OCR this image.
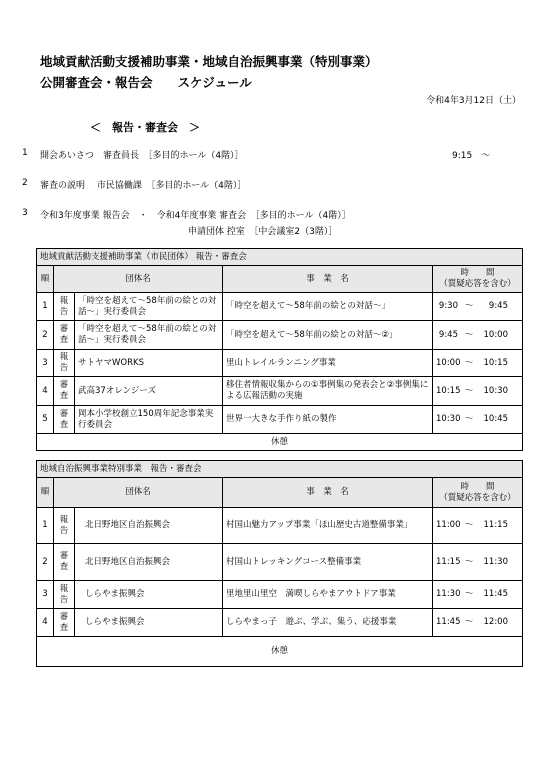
地域貢献活動支援補助事業・地域自治振興事業（特別事業）
公開審査会・報告会　　スケジュール
令和4年3月12日（土）
＜　報告・審査会　＞
1 開会あいさつ　審査員長　［多目的ホール（4階）］	9:15　～
2 審査の説明　 市民協働課　［多目的ホール（4階）］
3 令和3年度事業 報告会　・　令和4年度事業 審査会　［多目的ホール（4階）］
申請団体 控室　［中会議室2（3階）］
地域貢献活動支援補助事業（市民団体） 報告・審査会				
順	団体名		事　業　名	時　　間
（質疑応答を含む）

1	報告	「時空を超えて～58年前の絵との対話～」実行委員会	「時空を超えて～58年前の絵との対話～」	9:30 ～ 9:45
2	審査	「時空を超えて～58年前の絵との対話～」実行委員会	「時空を超えて～58年前の絵との対話～②」	9:45 ～ 10:00
3	報告	サトヤマWORKS	里山トレイルランニング事業	10:00 ～ 10:15
4	審査	武高37オレンジーズ	移住者情報収集からの①事例集の発表会と②事例集による広報活動の実施	10:15 ～ 10:30
5	審査	岡本小学校創立150周年記念事業実行委員会	世界一大きな手作り紙の製作	10:30 ～ 10:45
休憩				
地域自治振興事業特別事業　報告・審査会				
順	団体名		事　業　名	時　　間
（質疑応答を含む）

1	報告	北日野地区自治振興会	村国山魅力アップ事業「ほ山歴史古道整備事業」	11:00 ～ 11:15
2	審査	北日野地区自治振興会	村国山トレッキングコース整備事業	11:15 ～ 11:30
3	報告	しらやま振興会	里地里山里空　満喫しらやまアウトドア事業	11:30 ～ 11:45
4	審査	しらやま振興会	しらやまっ子　遊ぶ、学ぶ、集う、応援事業	11:45 ～ 12:00
休憩				
